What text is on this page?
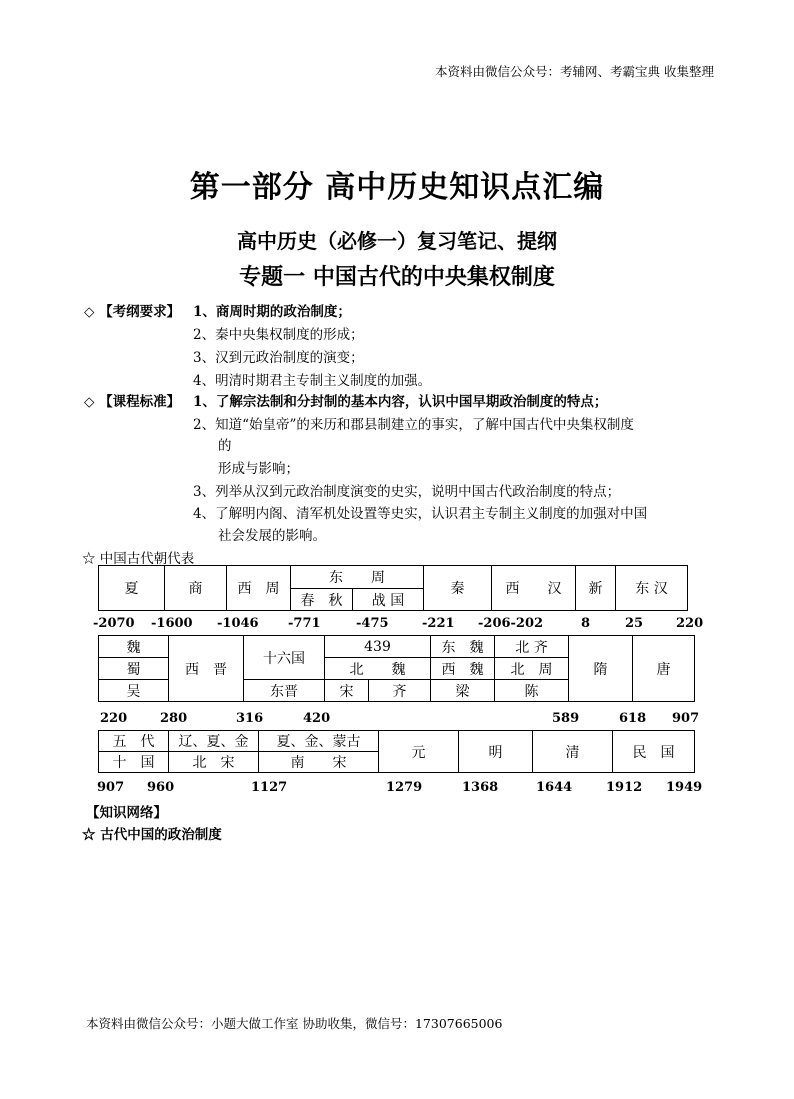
本资料由微信公众号：考辅网、考霸宝典 收集整理
第一部分 高中历史知识点汇编
高中历史（必修一）复习笔记、提纲
专题一 中国古代的中央集权制度
◇ 【考纲要求】 1、商周时期的政治制度；
2、秦中央集权制度的形成；
3、汉到元政治制度的演变；
4、明清时期君主专制主义制度的加强。
◇ 【课程标准】 1、了解宗法制和分封制的基本内容，认识中国早期政治制度的特点；
2、知道“始皇帝”的来历和郡县制建立的事实，了解中国古代中央集权制度
的
形成与影响；
3、列举从汉到元政治制度演变的史实，说明中国古代政治制度的特点；
4、了解明内阁、清军机处设置等史实，认识君主专制主义制度的加强对中国
社会发展的影响。
☆ 中国古代朝代表
夏	商	西　周	东　　周		秦	西　　汉	新	东 汉
			春　秋	战 国				
-2070 -1600 -1046 -771	-475	-221 -206-202	8	25	220
魏	西　晋	十六国	439		东　魏	北 齐	隋	唐
蜀			北　　魏		西　魏	北　周		
吴		东晋	宋	齐	梁	陈		
220	280	316	420	589	618 907
五　代	辽、夏、金	夏、金、蒙古	元	明	清	民　国
十　国	北　宋	南　　宋				
907 960	1127	1279	1368	1644	1912 1949
【知识网络】
☆ 古代中国的政治制度
本资料由微信公众号：小题大做工作室 协助收集，微信号：17307665006
